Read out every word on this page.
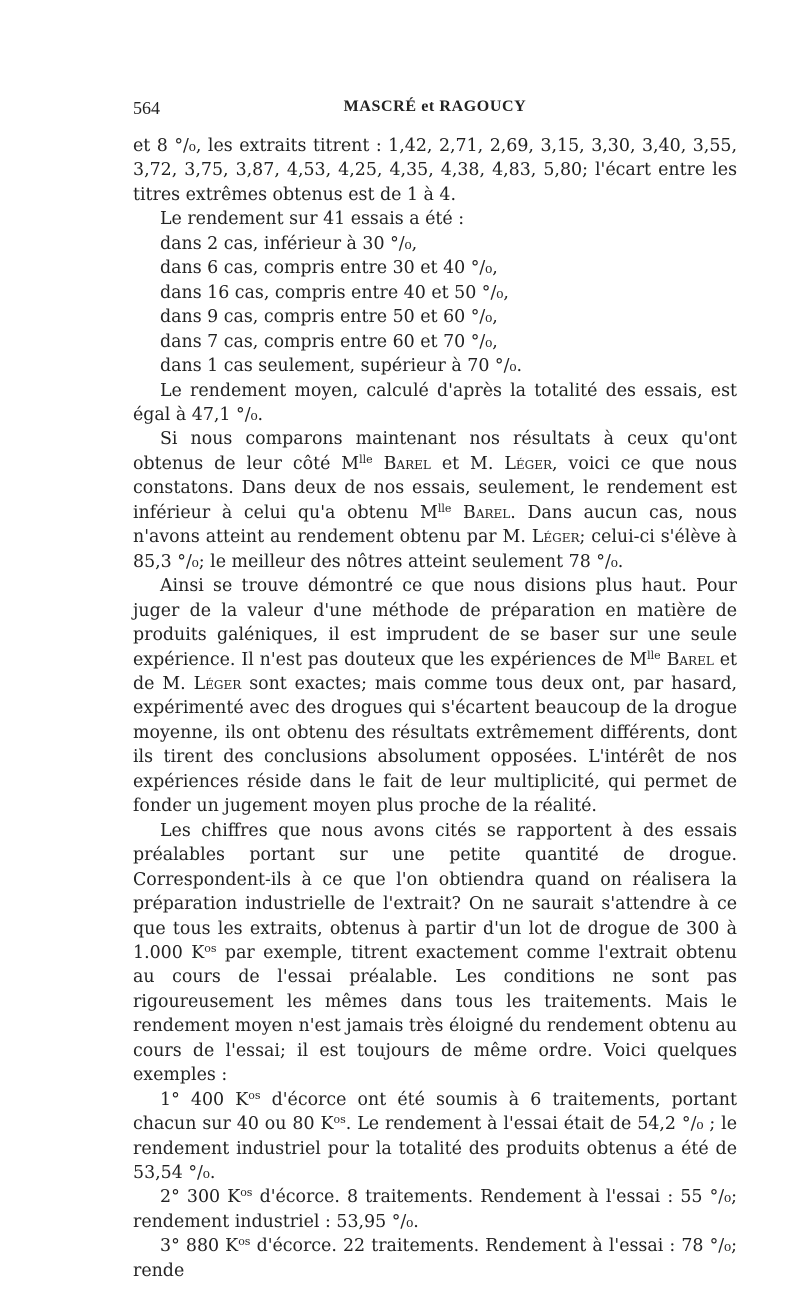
564	MASCRÉ et RAGOUCY

et 8 °/₀, les extraits titrent : 1,42, 2,71, 2,69, 3,15, 3,30, 3,40, 3,55, 3,72, 3,75, 3,87, 4,53, 4,25, 4,35, 4,38, 4,83, 5,80; l'écart entre les titres extrêmes obtenus est de 1 à 4.

Le rendement sur 41 essais a été :

dans 2 cas, inférieur à 30 °/₀,
dans 6 cas, compris entre 30 et 40 °/₀,
dans 16 cas, compris entre 40 et 50 °/₀,
dans 9 cas, compris entre 50 et 60 °/₀,
dans 7 cas, compris entre 60 et 70 °/₀,
dans 1 cas seulement, supérieur à 70 °/₀.

Le rendement moyen, calculé d'après la totalité des essais, est égal à 47,1 °/₀.

Si nous comparons maintenant nos résultats à ceux qu'ont obtenus de leur côté $M^{lle}$ Barel et M. Léger, voici ce que nous constatons. Dans deux de nos essais, seulement, le rendement est inférieur à celui qu'a obtenu $M^{lle}$ Barel. Dans aucun cas, nous n'avons atteint au rendement obtenu par M. Léger; celui-ci s'élève à 85,3 °/₀; le meilleur des nôtres atteint seulement 78 °/₀.

Ainsi se trouve démontré ce que nous disions plus haut. Pour juger de la valeur d'une méthode de préparation en matière de produits galéniques, il est imprudent de se baser sur une seule expérience. Il n'est pas douteux que les expériences de $M^{lle}$ Barel et de M. Léger sont exactes; mais comme tous deux ont, par hasard, expérimenté avec des drogues qui s'écartent beaucoup de la drogue moyenne, ils ont obtenu des résultats extrêmement différents, dont ils tirent des conclusions absolument opposées. L'intérêt de nos expériences réside dans le fait de leur multiplicité, qui permet de fonder un jugement moyen plus proche de la réalité.

Les chiffres que nous avons cités se rapportent à des essais préalables portant sur une petite quantité de drogue. Correspondent-ils à ce que l'on obtiendra quand on réalisera la préparation industrielle de l'extrait? On ne saurait s'attendre à ce que tous les extraits, obtenus à partir d'un lot de drogue de 300 à 1.000 $K^{os}$ par exemple, titrent exactement comme l'extrait obtenu au cours de l'essai préalable. Les conditions ne sont pas rigoureusement les mêmes dans tous les traitements. Mais le rendement moyen n'est jamais très éloigné du rendement obtenu au cours de l'essai; il est toujours de même ordre. Voici quelques exemples :

1° 400 $K^{os}$ d'écorce ont été soumis à 6 traitements, portant chacun sur 40 ou 80 $K^{os}$. Le rendement à l'essai était de 54,2 °/₀ ; le rendement industriel pour la totalité des produits obtenus a été de 53,54 °/₀.

2° 300 $K^{os}$ d'écorce. 8 traitements. Rendement à l'essai : 55 °/₀; rendement industriel : 53,95 °/₀.

3° 880 $K^{os}$ d'écorce. 22 traitements. Rendement à l'essai : 78 °/₀; rende
